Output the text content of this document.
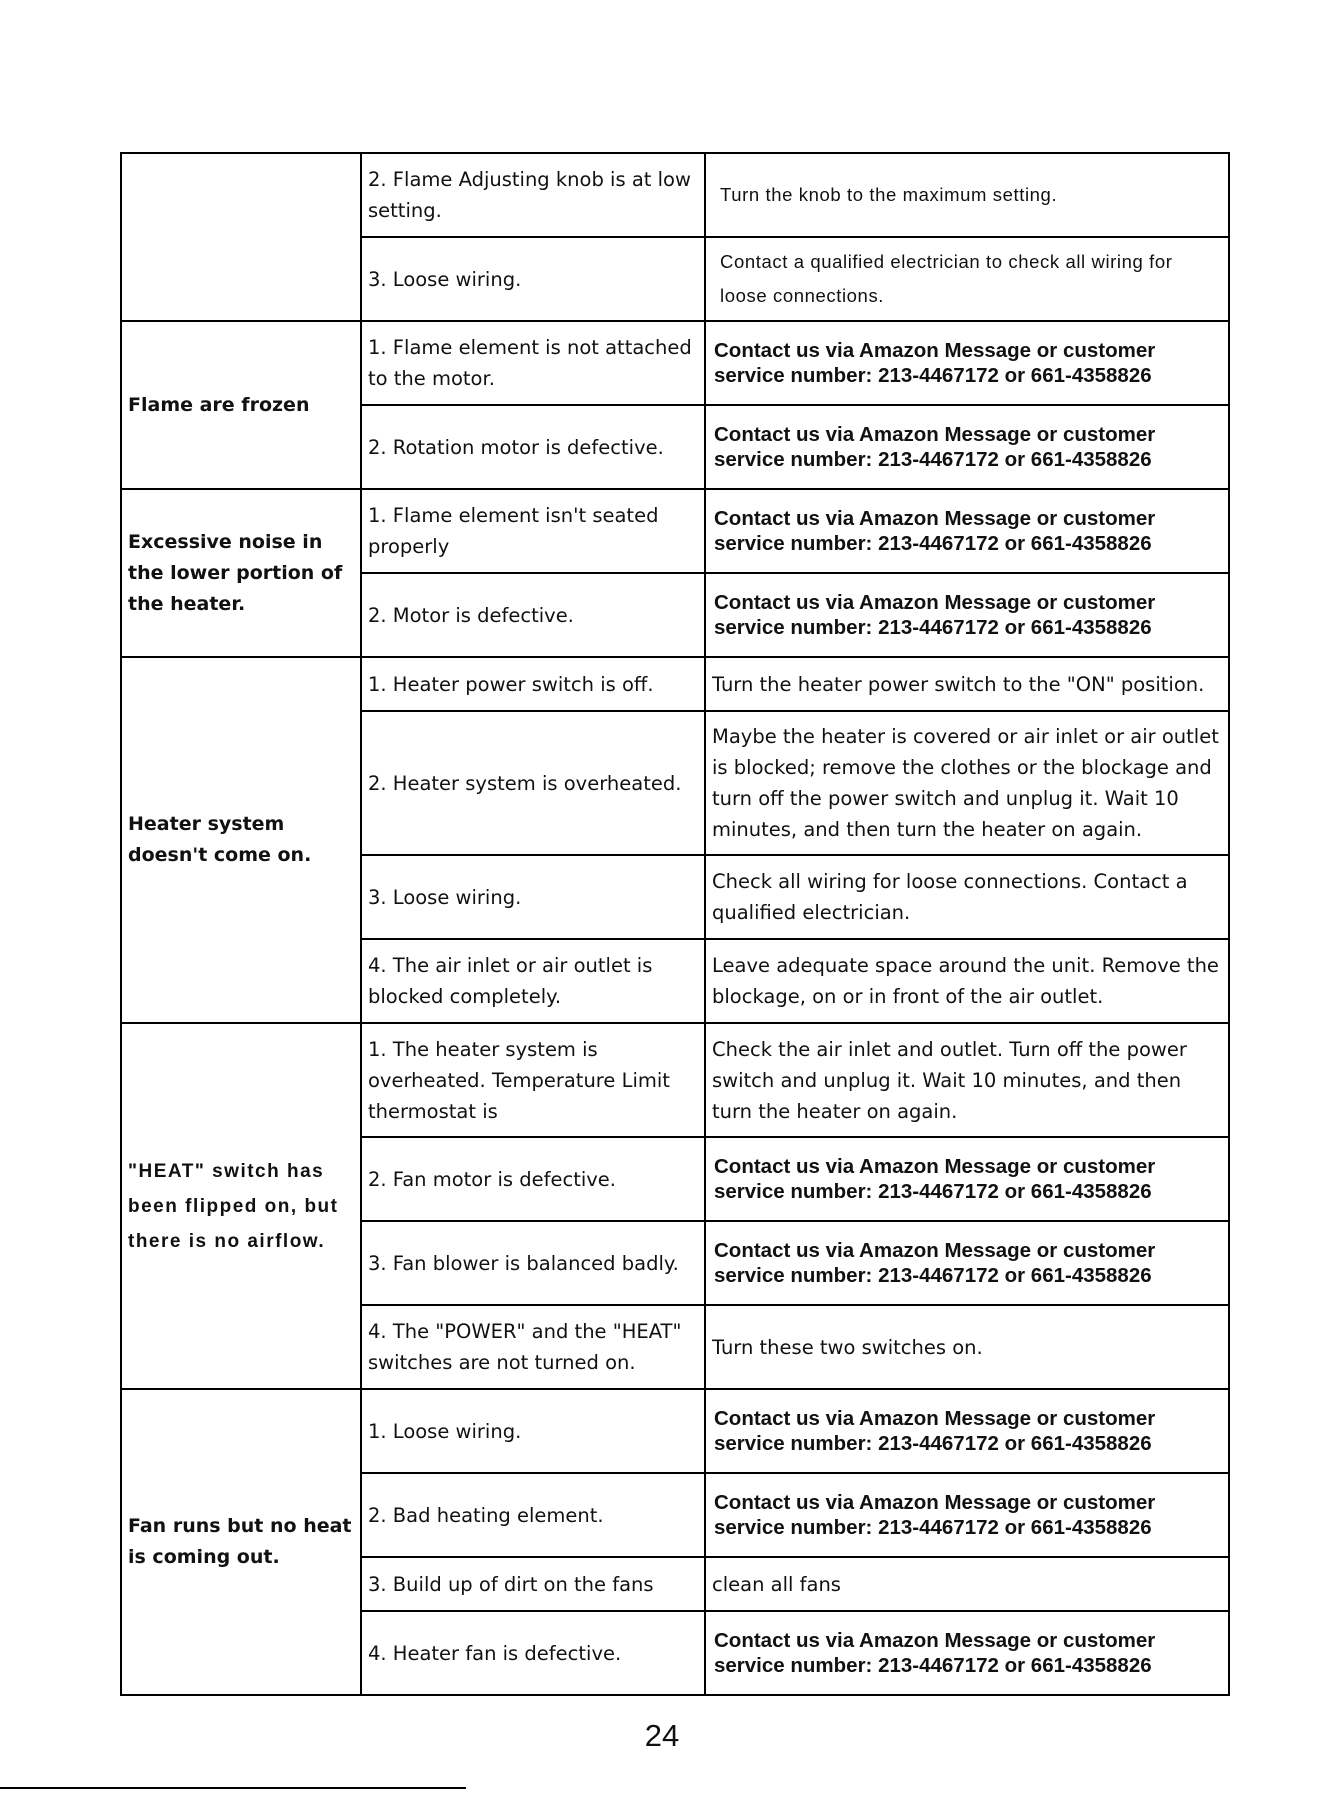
	2. Flame Adjusting knob is at low setting.	Turn the knob to the maximum setting.
	3. Loose wiring.	Contact a qualified electrician to check all wiring for loose connections.
Flame are frozen	1. Flame element is not attached to the motor.	Contact us via Amazon Message or customer service number: 213-4467172 or 661-4358826
	2. Rotation motor is defective.	Contact us via Amazon Message or customer service number: 213-4467172 or 661-4358826
Excessive noise in the lower portion of the heater.	1. Flame element isn't seated properly	Contact us via Amazon Message or customer service number: 213-4467172 or 661-4358826
	2. Motor is defective.	Contact us via Amazon Message or customer service number: 213-4467172 or 661-4358826
Heater system doesn't come on.	1. Heater power switch is off.	Turn the heater power switch to the "ON" position.
	2. Heater system is overheated.	Maybe the heater is covered or air inlet or air outlet is blocked; remove the clothes or the blockage and turn off the power switch and unplug it. Wait 10 minutes, and then turn the heater on again.
	3. Loose wiring.	Check all wiring for loose connections. Contact a qualified electrician.
	4. The air inlet or air outlet is blocked completely.	Leave adequate space around the unit. Remove the blockage, on or in front of the air outlet.
"HEAT" switch has been flipped on, but there is no airflow.	1. The heater system is overheated. Temperature Limit thermostat is	Check the air inlet and outlet. Turn off the power switch and unplug it. Wait 10 minutes, and then turn the heater on again.
	2. Fan motor is defective.	Contact us via Amazon Message or customer service number: 213-4467172 or 661-4358826
	3. Fan blower is balanced badly.	Contact us via Amazon Message or customer service number: 213-4467172 or 661-4358826
	4. The "POWER" and the "HEAT" switches are not turned on.	Turn these two switches on.
Fan runs but no heat is coming out.	1. Loose wiring.	Contact us via Amazon Message or customer service number: 213-4467172 or 661-4358826
	2. Bad heating element.	Contact us via Amazon Message or customer service number: 213-4467172 or 661-4358826
	3. Build up of dirt on the fans	clean all fans
	4. Heater fan is defective.	Contact us via Amazon Message or customer service number: 213-4467172 or 661-4358826
24
